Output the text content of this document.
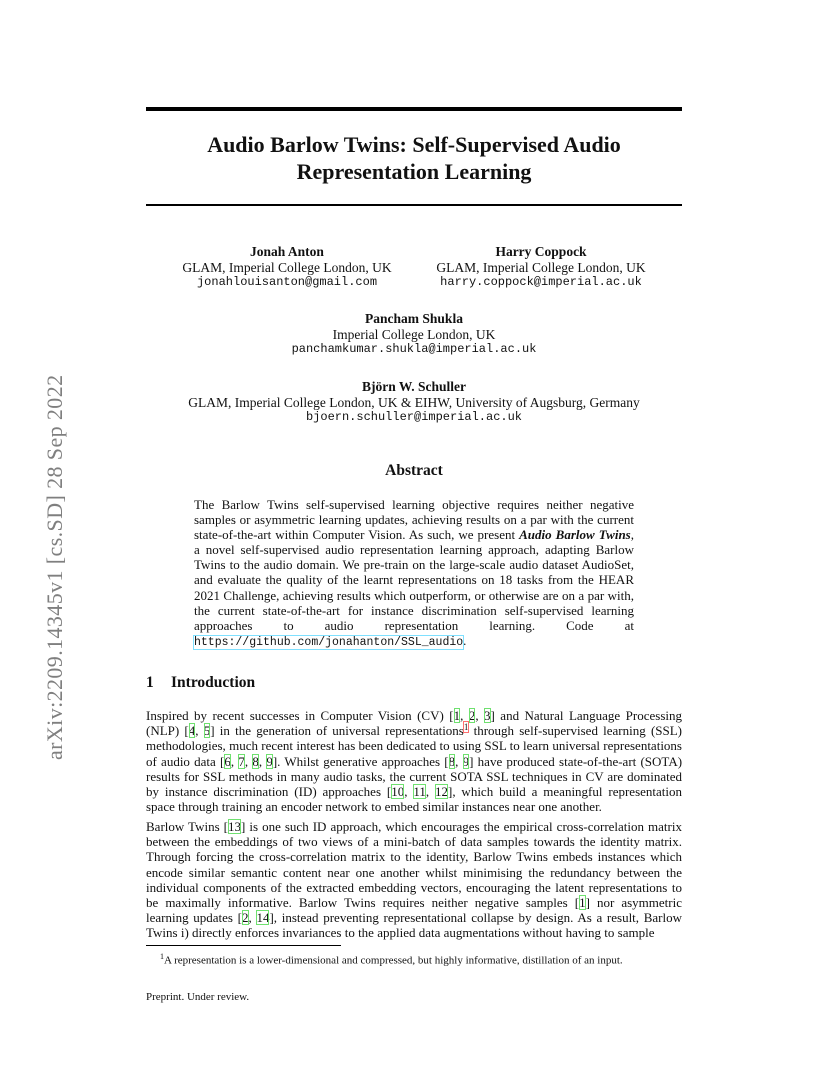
arXiv:2209.14345v1 [cs.SD] 28 Sep 2022
Audio Barlow Twins: Self-Supervised Audio
Representation Learning
Jonah Anton
GLAM, Imperial College London, UK
jonahlouisanton@gmail.com
Harry Coppock
GLAM, Imperial College London, UK
harry.coppock@imperial.ac.uk
Pancham Shukla
Imperial College London, UK
panchamkumar.shukla@imperial.ac.uk
Björn W. Schuller
GLAM, Imperial College London, UK & EIHW, University of Augsburg, Germany
bjoern.schuller@imperial.ac.uk
Abstract
The Barlow Twins self-supervised learning objective requires neither negative samples or asymmetric learning updates, achieving results on a par with the current state-of-the-art within Computer Vision. As such, we present Audio Barlow Twins, a novel self-supervised audio representation learning approach, adapting Barlow Twins to the audio domain. We pre-train on the large-scale audio dataset AudioSet, and evaluate the quality of the learnt representations on 18 tasks from the HEAR 2021 Challenge, achieving results which outperform, or otherwise are on a par with, the current state-of-the-art for instance discrimination self-supervised learning approaches to audio representation learning. Code at https://github.com/jonahanton/SSL_audio.
1 Introduction

Inspired by recent successes in Computer Vision (CV) [1, 2, 3] and Natural Language Processing (NLP) [4, 5] in the generation of universal representations$^1$ through self-supervised learning (SSL) methodologies, much recent interest has been dedicated to using SSL to learn universal representations of audio data [6, 7, 8, 9]. Whilst generative approaches [8, 9] have produced state-of-the-art (SOTA) results for SSL methods in many audio tasks, the current SOTA SSL techniques in CV are dominated by instance discrimination (ID) approaches [10, 11, 12], which build a meaningful representation space through training an encoder network to embed similar instances near one another.

Barlow Twins [13] is one such ID approach, which encourages the empirical cross-correlation matrix between the embeddings of two views of a mini-batch of data samples towards the identity matrix. Through forcing the cross-correlation matrix to the identity, Barlow Twins embeds instances which encode similar semantic content near one another whilst minimising the redundancy between the individual components of the extracted embedding vectors, encouraging the latent representations to be maximally informative. Barlow Twins requires neither negative samples [1] nor asymmetric learning updates [2, 14], instead preventing representational collapse by design. As a result, Barlow Twins i) directly enforces invariances to the applied data augmentations without having to sample

$^1$A representation is a lower-dimensional and compressed, but highly informative, distillation of an input.
Preprint. Under review.
